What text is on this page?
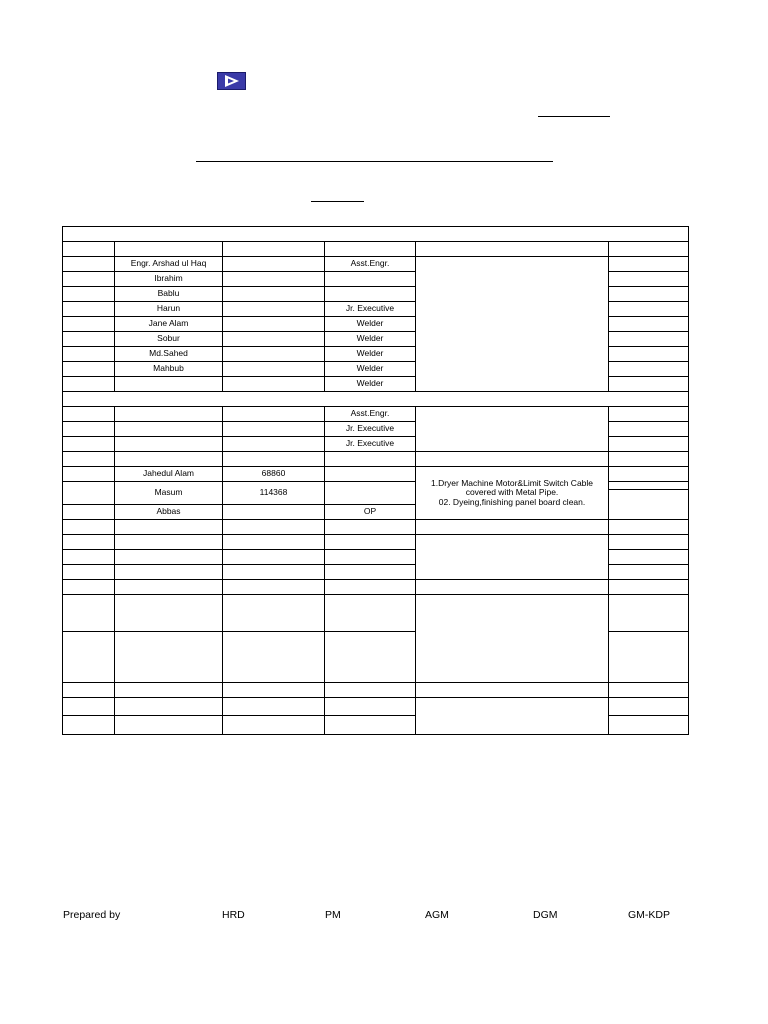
	Engr. Arshad ul Haq		Asst.Engr.		
	Ibrahim				
	Bablu				
	Harun		Jr. Executive		
	Jane Alam		Welder		
	Sobur		Welder		
	Md.Sahed		Welder		
	Mahbub		Welder		
			Welder		

			Asst.Engr.		
			Jr. Executive		
			Jr. Executive		

	Jahedul Alam	68860		1.Dryer Machine Motor&Limit Switch Cable
covered with Metal Pipe.
02. Dyeing,finishing panel board clean.	

	Masum	114368			

	Abbas		OP		

Prepared by	HRD	PM	AGM	DGM	GM-KDP
